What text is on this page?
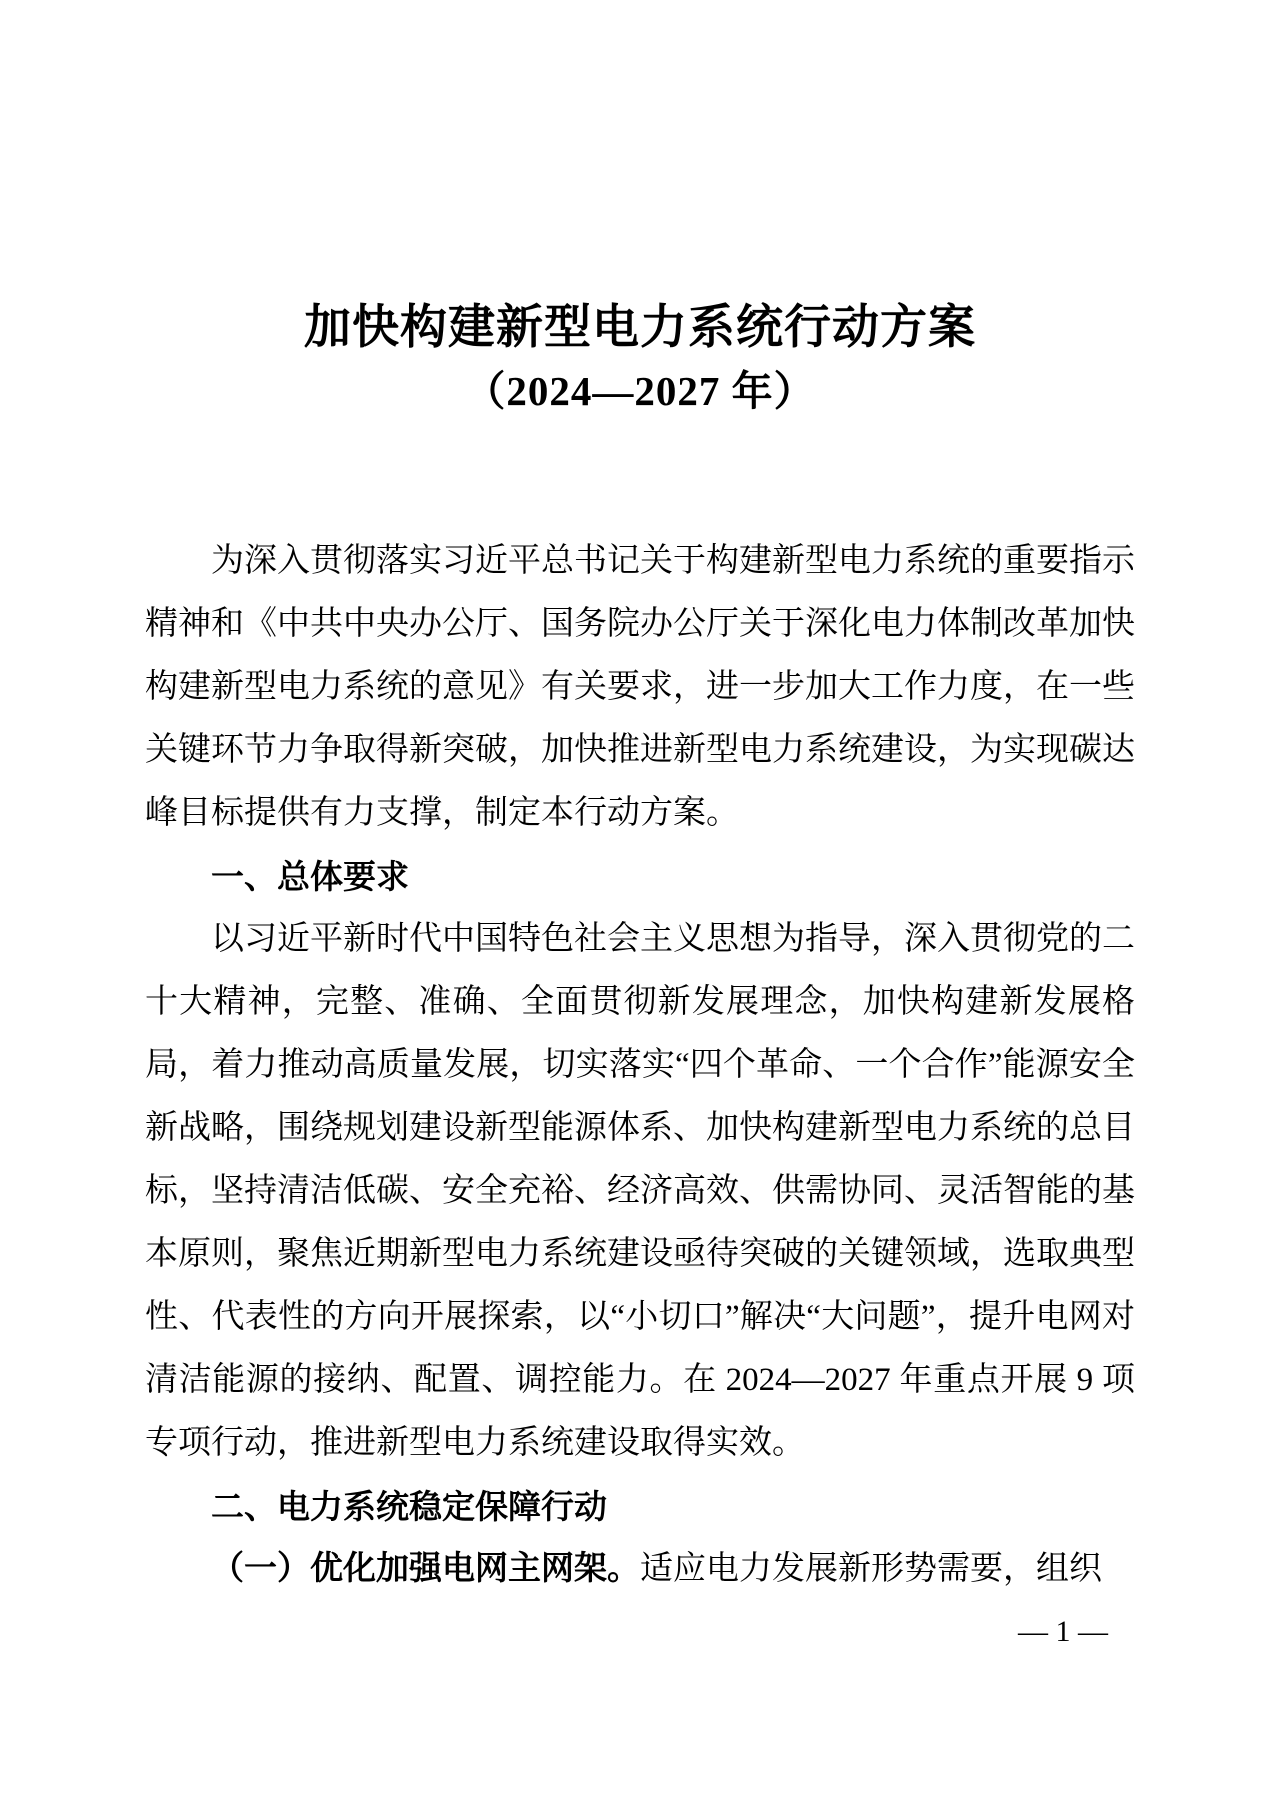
加快构建新型电力系统行动方案
（2024—2027 年）

为深入贯彻落实习近平总书记关于构建新型电力系统的重要指示精神和《中共中央办公厅、国务院办公厅关于深化电力体制改革加快构建新型电力系统的意见》有关要求，进一步加大工作力度，在一些关键环节力争取得新突破，加快推进新型电力系统建设，为实现碳达峰目标提供有力支撑，制定本行动方案。

一、总体要求

以习近平新时代中国特色社会主义思想为指导，深入贯彻党的二十大精神，完整、准确、全面贯彻新发展理念，加快构建新发展格局，着力推动高质量发展，切实落实“四个革命、一个合作”能源安全新战略，围绕规划建设新型能源体系、加快构建新型电力系统的总目标，坚持清洁低碳、安全充裕、经济高效、供需协同、灵活智能的基本原则，聚焦近期新型电力系统建设亟待突破的关键领域，选取典型性、代表性的方向开展探索，以“小切口”解决“大问题”，提升电网对清洁能源的接纳、配置、调控能力。在 2024—2027 年重点开展 9 项专项行动，推进新型电力系统建设取得实效。

二、电力系统稳定保障行动

（一）优化加强电网主网架。适应电力发展新形势需要，组织

— 1 —
